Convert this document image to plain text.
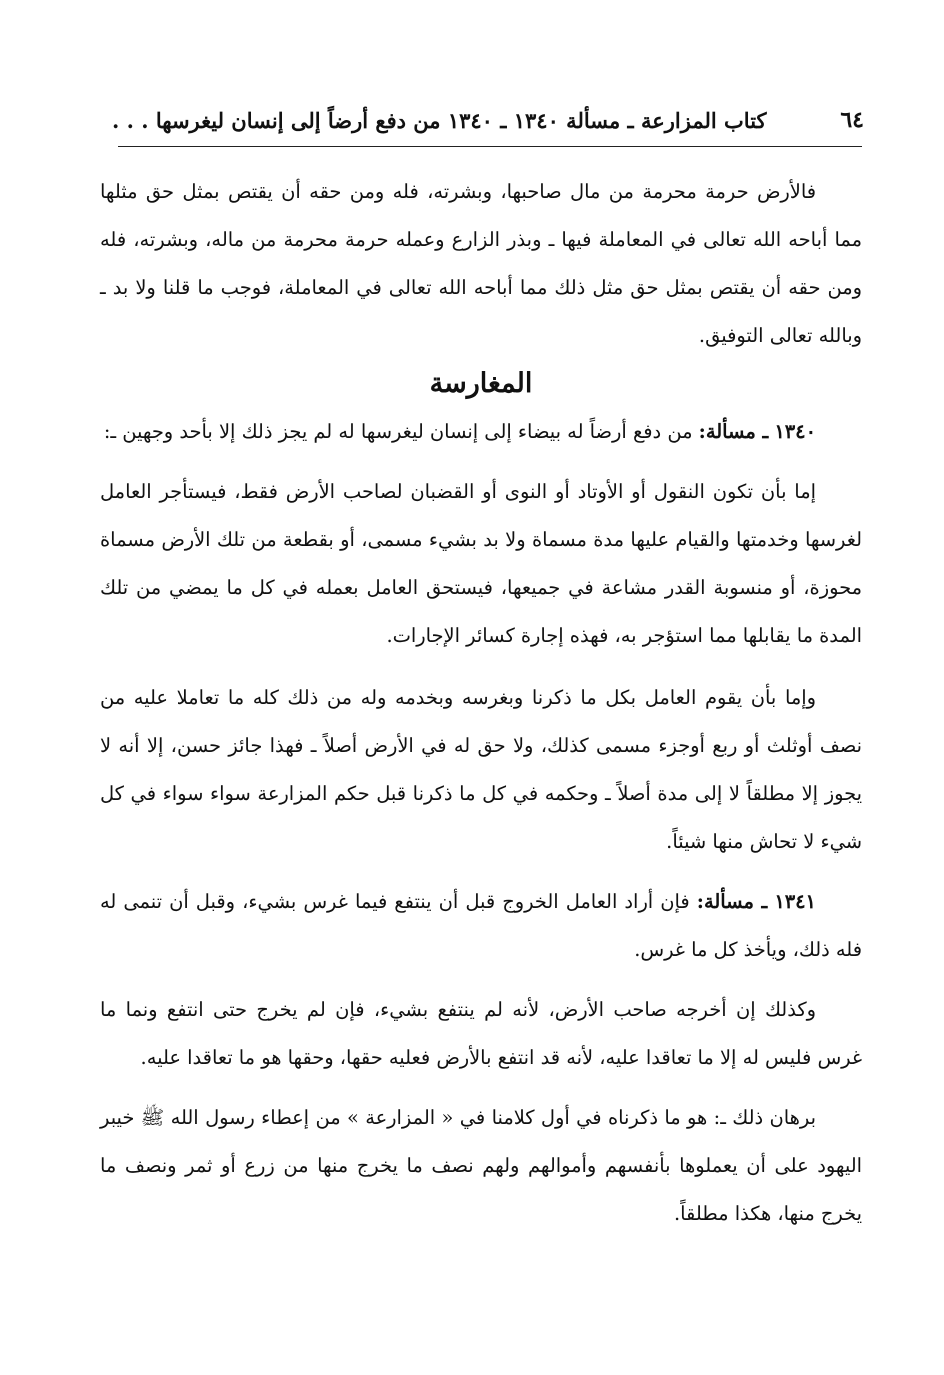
٦٤
كتاب المزارعة ـ مسألة ١٣٤٠ ـ ١٣٤٠ من دفع أرضاً إلى إنسان ليغرسها . . .

فالأرض حرمة محرمة من مال صاحبها، وبشرته، فله ومن حقه أن يقتص بمثل حق مثلها مما أباحه الله تعالى في المعاملة فيها ـ وبذر الزارع وعمله حرمة محرمة من ماله، وبشرته، فله ومن حقه أن يقتص بمثل حق مثل ذلك مما أباحه الله تعالى في المعاملة، فوجب ما قلنا ولا بد ـ وبالله تعالى التوفيق.

المغارسة

١٣٤٠ ـ مسألة: من دفع أرضاً له بيضاء إلى إنسان ليغرسها له لم يجز ذلك إلا بأحد وجهين ـ:

إما بأن تكون النقول أو الأوتاد أو النوى أو القضبان لصاحب الأرض فقط، فيستأجر العامل لغرسها وخدمتها والقيام عليها مدة مسماة ولا بد بشيء مسمى، أو بقطعة من تلك الأرض مسماة محوزة، أو منسوبة القدر مشاعة في جميعها، فيستحق العامل بعمله في كل ما يمضي من تلك المدة ما يقابلها مما استؤجر به، فهذه إجارة كسائر الإجارات.

وإما بأن يقوم العامل بكل ما ذكرنا وبغرسه وبخدمه وله من ذلك كله ما تعاملا عليه من نصف أوثلث أو ربع أوجزء مسمى كذلك، ولا حق له في الأرض أصلاً ـ فهذا جائز حسن، إلا أنه لا يجوز إلا مطلقاً لا إلى مدة أصلاً ـ وحكمه في كل ما ذكرنا قبل حكم المزارعة سواء سواء في كل شيء لا تحاش منها شيئاً.

١٣٤١ ـ مسألة: فإن أراد العامل الخروج قبل أن ينتفع فيما غرس بشيء، وقبل أن تنمى له فله ذلك، ويأخذ كل ما غرس.

وكذلك إن أخرجه صاحب الأرض، لأنه لم ينتفع بشيء، فإن لم يخرج حتى انتفع ونما ما غرس فليس له إلا ما تعاقدا عليه، لأنه قد انتفع بالأرض فعليه حقها، وحقها هو ما تعاقدا عليه.

برهان ذلك ـ: هو ما ذكرناه في أول كلامنا في « المزارعة » من إعطاء رسول الله ﷺ خيبر اليهود على أن يعملوها بأنفسهم وأموالهم ولهم نصف ما يخرج منها من زرع أو ثمر ونصف ما يخرج منها، هكذا مطلقاً.
